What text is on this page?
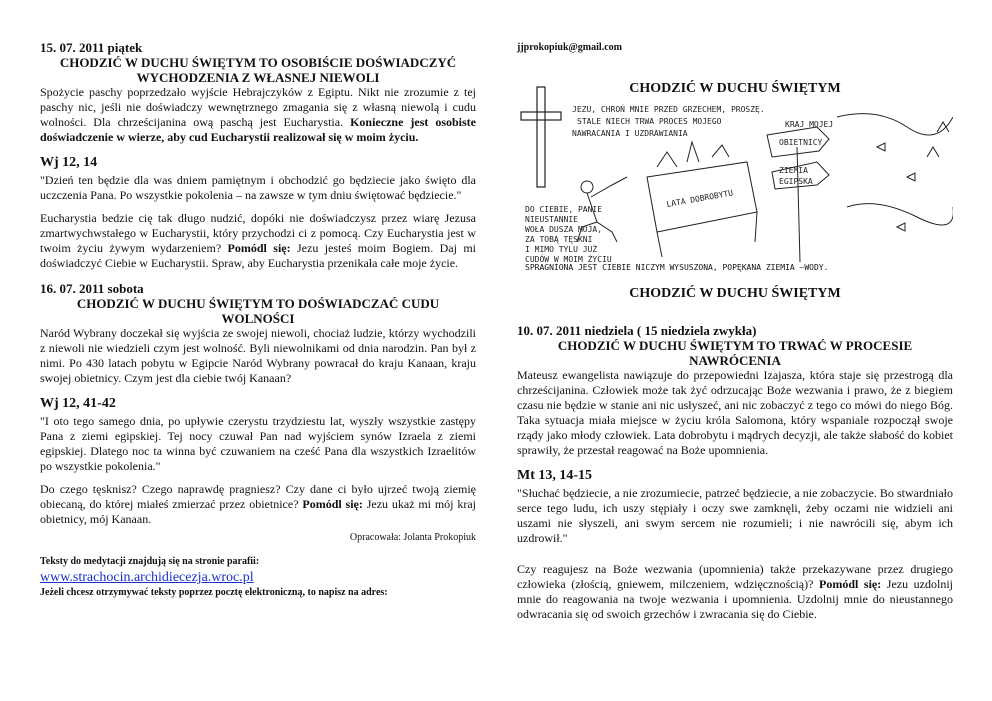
15. 07. 2011 piątek

CHODZIĆ W DUCHU ŚWIĘTYM TO OSOBIŚCIE DOŚWIADCZYĆ WYCHODZENIA Z WŁASNEJ NIEWOLI

Spożycie paschy poprzedzało wyjście Hebrajczyków z Egiptu. Nikt nie zrozumie z tej paschy nic, jeśli nie doświadczy wewnętrznego zmagania się z własną niewolą i cudu wolności. Dla chrześcijanina ową paschą jest Eucharystia. Konieczne jest osobiste doświadczenie w wierze, aby cud Eucharystii realizował się w moim życiu.

Wj 12, 14

"Dzień ten będzie dla was dniem pamiętnym i obchodzić go będziecie jako święto dla uczczenia Pana. Po wszystkie pokolenia – na zawsze w tym dniu świętować będziecie."

Eucharystia bedzie cię tak długo nudzić, dopóki nie doświadczysz przez wiarę Jezusa zmartwychwstałego w Eucharystii, który przychodzi ci z pomocą. Czy Eucharystia jest w twoim życiu żywym wydarzeniem? Pomódl się: Jezu jesteś moim Bogiem. Daj mi doświadczyć Ciebie w Eucharystii. Spraw, aby Eucharystia przenikała całe moje życie.

16. 07. 2011 sobota

CHODZIĆ W DUCHU ŚWIĘTYM TO DOŚWIADCZAĆ CUDU WOLNOŚCI

Naród Wybrany doczekał się wyjścia ze swojej niewoli, chociaż ludzie, którzy wychodzili z niewoli nie wiedzieli czym jest wolność. Byli niewolnikami od dnia narodzin. Pan był z nimi. Po 430 latach pobytu w Egipcie Naród Wybrany powracał do kraju Kanaan, kraju swojej obietnicy. Czym jest dla ciebie twój Kanaan?

Wj 12, 41-42

"I oto tego samego dnia, po upływie czerystu trzydziestu lat, wyszły wszystkie zastępy Pana z ziemi egipskiej. Tej nocy czuwał Pan nad wyjściem synów Izraela z ziemi egipskiej. Dlatego noc ta winna być czuwaniem na cześć Pana dla wszystkich Izraelitów po wszystkie pokolenia."

Do czego tęsknisz? Czego naprawdę pragniesz? Czy dane ci było ujrzeć twoją ziemię obiecaną, do której miałeś zmierzać przez obietnice? Pomódl się: Jezu ukaż mi mój kraj obietnicy, mój Kanaan.

Opracowała: Jolanta Prokopiuk

Teksty do medytacji znajdują się na stronie parafii:

www.strachocin.archidiecezja.wroc.pl

Jeżeli chcesz otrzymywać teksty poprzez pocztę elektroniczną, to napisz na adres:

jjprokopiuk@gmail.com

CHODZIĆ W DUCHU ŚWIĘTYM
LATA DOBROBYTU
KRAJ MOJEJ
OBIETNICY
ZIEMIA
EGIPSKA
JEZU, CHROŃ MNIE PRZED GRZECHEM, PROSZĘ.
STALE NIECH TRWA PROCES MOJEGO
NAWRACANIA I UZDRAWIANIA
DO CIEBIE, PANIE
NIEUSTANNIE
WOŁA DUSZA MOJA,
ZA TOBĄ TĘSKNI
I MIMO TYLU JUŻ
CUDÓW W MOIM ŻYCIU
SPRAGNIONA JEST CIEBIE NICZYM WYSUSZONA, POPĘKANA ZIEMIA –WODY.

CHODZIĆ W DUCHU ŚWIĘTYM

10. 07. 2011 niedziela ( 15 niedziela zwykła)

CHODZIĆ W DUCHU ŚWIĘTYM TO TRWAĆ W PROCESIE NAWRÓCENIA

Mateusz ewangelista nawiązuje do przepowiedni Izajasza, która staje się przestrogą dla chrześcijanina. Człowiek może tak żyć odrzucając Boże wezwania i prawo, że z biegiem czasu nie będzie w stanie ani nic usłyszeć, ani nic zobaczyć z tego co mówi do niego Bóg. Taka sytuacja miała miejsce w życiu króla Salomona, który wspaniale rozpoczął swoje rządy jako młody człowiek. Lata dobrobytu i mądrych decyzji, ale także słabość do kobiet sprawiły, że przestał reagować na Boże upomnienia.

Mt 13, 14-15

"Słuchać będziecie, a nie zrozumiecie, patrzeć będziecie, a nie zobaczycie. Bo stwardniało serce tego ludu, ich uszy stępiały i oczy swe zamknęli, żeby oczami nie widzieli ani uszami nie słyszeli, ani swym sercem nie rozumieli; i nie nawrócili się, abym ich uzdrowił."

Czy reagujesz na Boże wezwania (upomnienia) także przekazywane przez drugiego człowieka (złością, gniewem, milczeniem, wdzięcznością)? Pomódl się: Jezu uzdolnij mnie do reagowania na twoje wezwania i upomnienia. Uzdolnij mnie do nieustannego odwracania się od swoich grzechów i zwracania się do Ciebie.
